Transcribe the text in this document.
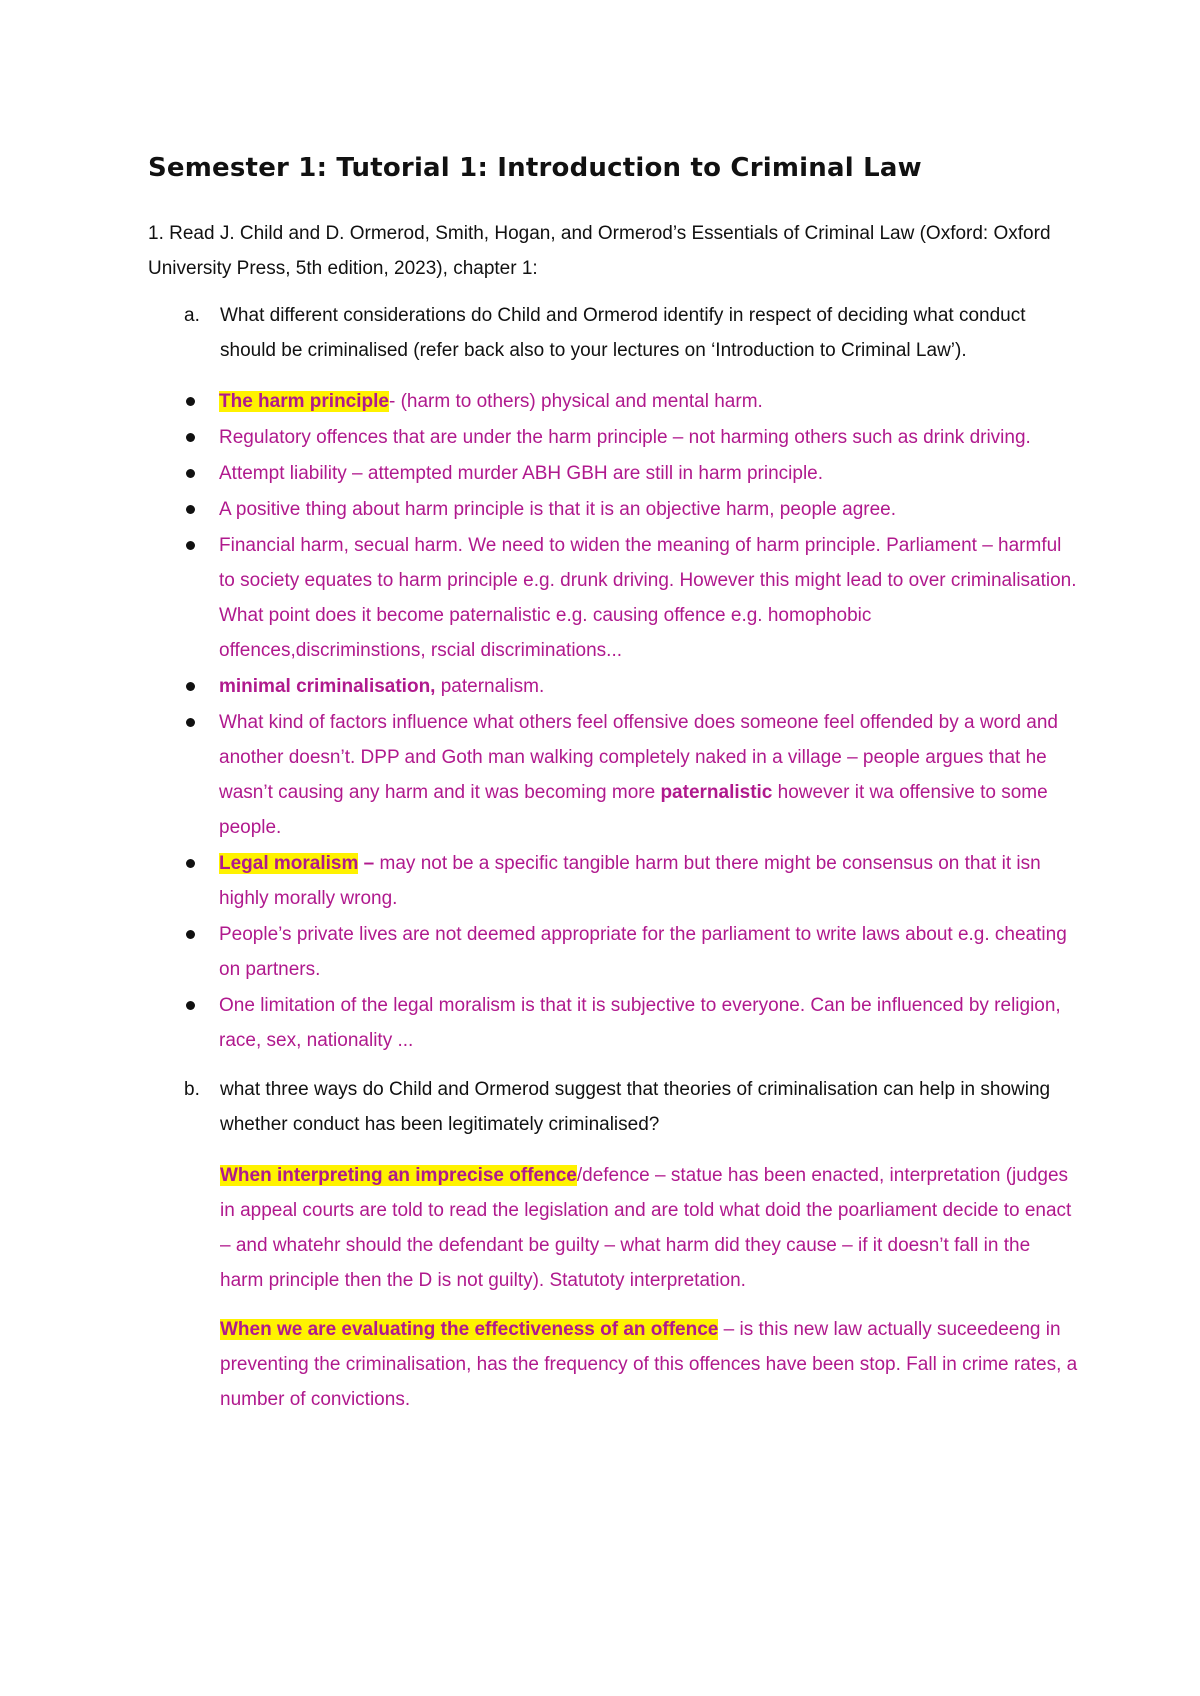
Semester 1: Tutorial 1: Introduction to Criminal Law

1. Read J. Child and D. Ormerod, Smith, Hogan, and Ormerod’s Essentials of Criminal Law (Oxford: Oxford University Press, 5th edition, 2023), chapter 1:

a.	What different considerations do Child and Ormerod identify in respect of deciding what conduct should be criminalised (refer back also to your lectures on ‘Introduction to Criminal Law’).
The harm principle- (harm to others) physical and mental harm.
Regulatory offences that are under the harm principle – not harming others such as drink driving.
Attempt liability – attempted murder ABH GBH are still in harm principle.
A positive thing about harm principle is that it is an objective harm, people agree.
Financial harm, secual harm. We need to widen the meaning of harm principle. Parliament – harmful to society equates to harm principle e.g. drunk driving. However this might lead to over criminalisation. What point does it become paternalistic e.g. causing offence e.g. homophobic offences,discriminstions, rscial discriminations...
minimal criminalisation, paternalism.
What kind of factors influence what others feel offensive does someone feel offended by a word and another doesn’t. DPP and Goth man walking completely naked in a village – people argues that he wasn’t causing any harm and it was becoming more paternalistic however it wa offensive to some people.
Legal moralism – may not be a specific tangible harm but there might be consensus on that it isn highly morally wrong.
People’s private lives are not deemed appropriate for the parliament to write laws about e.g. cheating on partners.
One limitation of the legal moralism is that it is subjective to everyone. Can be influenced by religion, race, sex, nationality ...
b.	what three ways do Child and Ormerod suggest that theories of criminalisation can help in showing whether conduct has been legitimately criminalised?

When interpreting an imprecise offence/defence – statue has been enacted, interpretation (judges in appeal courts are told to read the legislation and are told what doid the poarliament decide to enact – and whatehr should the defendant be guilty – what harm did they cause – if it doesn’t fall in the harm principle then the D is not guilty). Statutoty interpretation.

When we are evaluating the effectiveness of an offence – is this new law actually suceedeeng in preventing the criminalisation, has the frequency of this offences have been stop. Fall in crime rates, a number of convictions.
